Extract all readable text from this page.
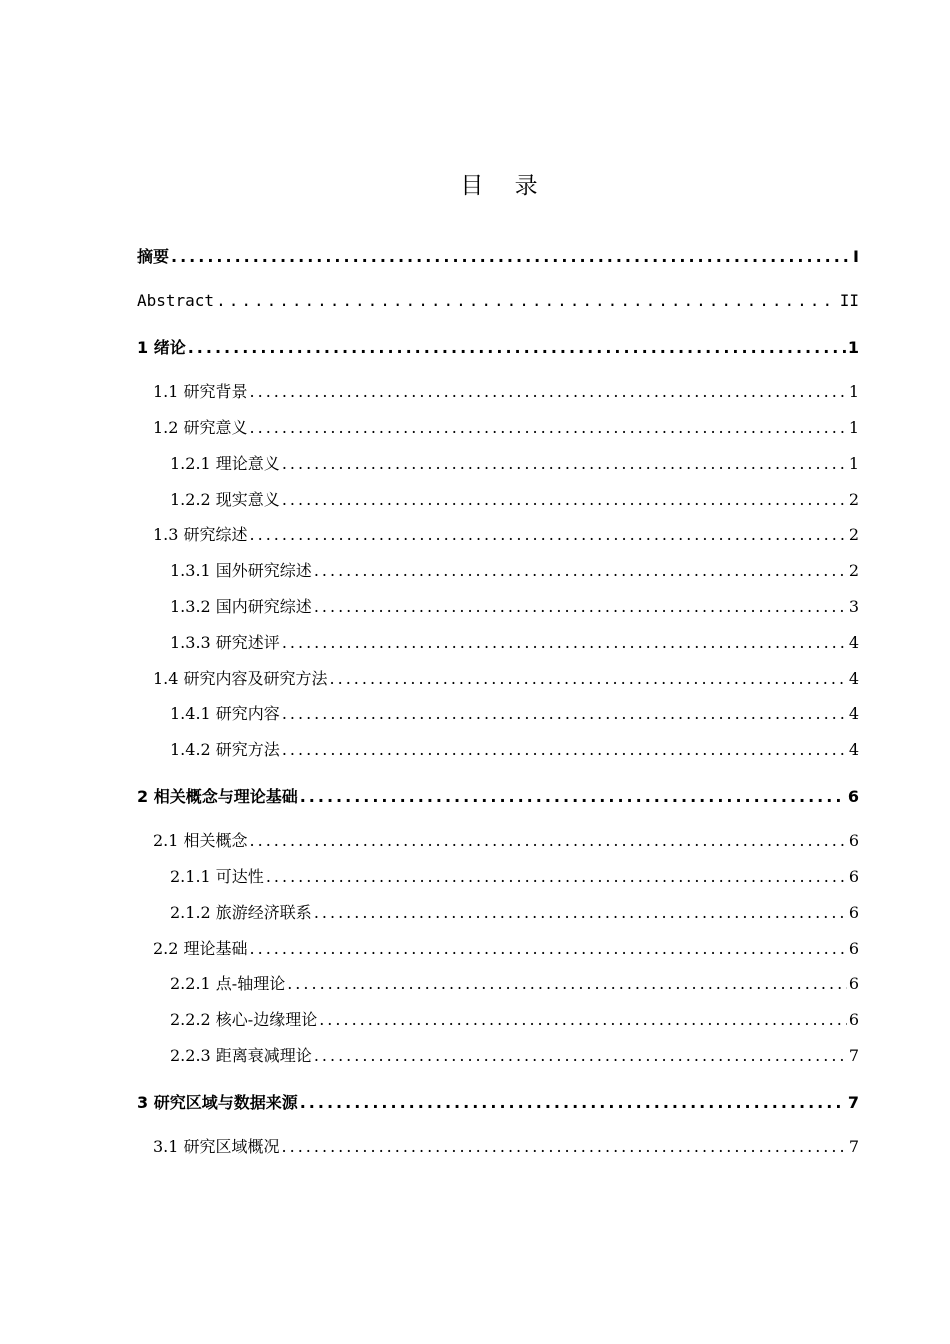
目 录
摘要 .....	I
Abstract .....	II
1 绪论 .....	1
1.1 研究背景 .....	1
1.2 研究意义 .....	1
1.2.1 理论意义 .....	1
1.2.2 现实意义 .....	2
1.3 研究综述 .....	2
1.3.1 国外研究综述 .....	2
1.3.2 国内研究综述 .....	3
1.3.3 研究述评 .....	4
1.4 研究内容及研究方法 .....	4
1.4.1 研究内容 .....	4
1.4.2 研究方法 .....	4
2 相关概念与理论基础 .....	6
2.1 相关概念 .....	6
2.1.1 可达性 .....	6
2.1.2 旅游经济联系 .....	6
2.2 理论基础 .....	6
2.2.1 点-轴理论 .....	6
2.2.2 核心-边缘理论 .....	6
2.2.3 距离衰减理论 .....	7
3 研究区域与数据来源 .....	7
3.1 研究区域概况 .....	7
